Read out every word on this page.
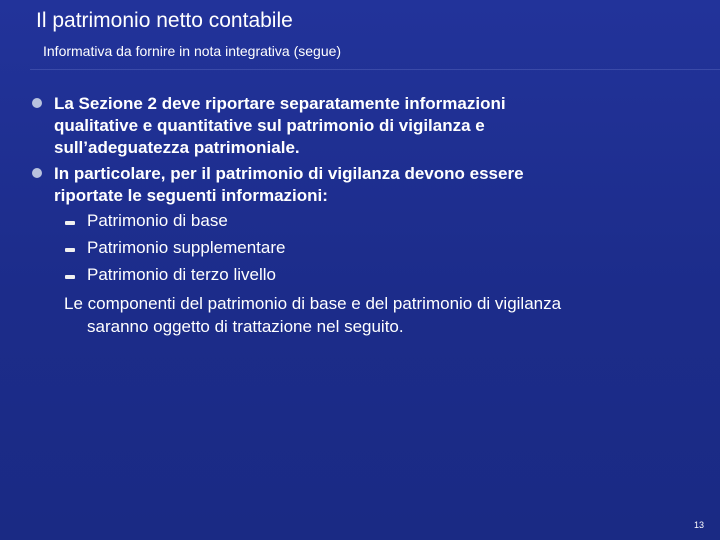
Il patrimonio netto contabile
Informativa da fornire in nota integrativa (segue)
La Sezione 2 deve riportare separatamente informazioni
qualitative e quantitative sul patrimonio di vigilanza e
sull’adeguatezza patrimoniale.
In particolare, per il patrimonio di vigilanza devono essere
riportate le seguenti informazioni:
Patrimonio di base
Patrimonio supplementare
Patrimonio di terzo livello
Le componenti del patrimonio di base e del patrimonio di vigilanza
saranno oggetto di trattazione nel seguito.
13
